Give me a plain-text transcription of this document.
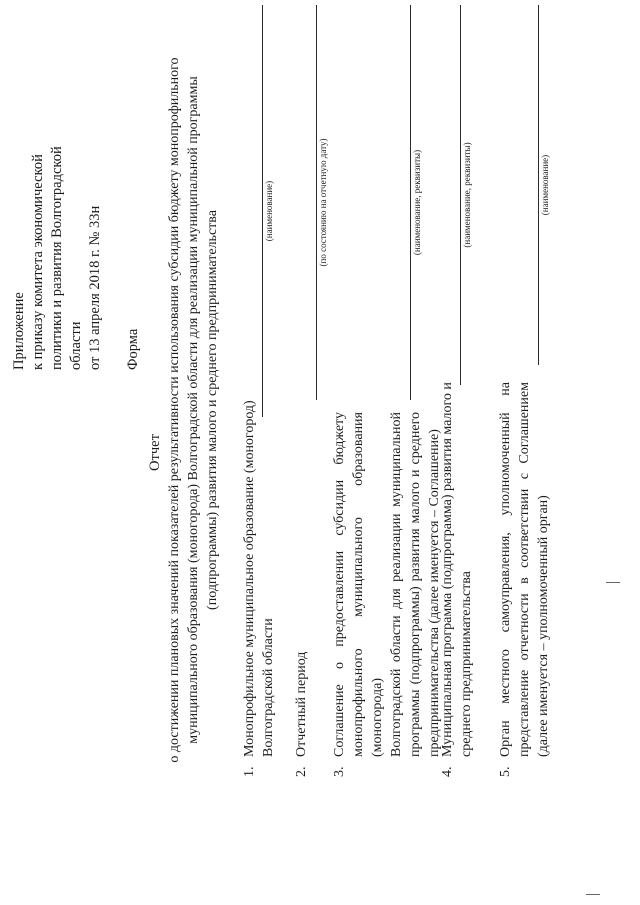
Приложение к приказу комитета экономической политики и развития Волгоградской области от 13 апреля 2018 г. № 33н Форма
Отчет о достижении плановых значений показателей результативности использования субсидии бюджету монопрофильного муниципального образования (моногорода) Волгоградской области для реализации муниципальной программы (подпрограммы) развития малого и среднего предпринимательства
1.
Монопрофильное муниципальное образование (моногород) Волгоградской области
(наименование)
2.
Отчетный период
(по состоянию на отчетную дату)
3.
Соглашение о предоставлении субсидии бюджету монопрофильного муниципального образования (моногорода) Волгоградской области для реализации муниципальной программы (подпрограммы) развития малого и среднего предпринимательства (далее именуется – Соглашение)
(наименование, реквизиты)
4.
Муниципальная программа (подпрограмма) развития малого и среднего предпринимательства
(наименование, реквизиты)
5.
Орган местного самоуправления, уполномоченный на представление отчетности в соответствии с Соглашением (далее именуется – уполномоченный орган)
(наименование)
